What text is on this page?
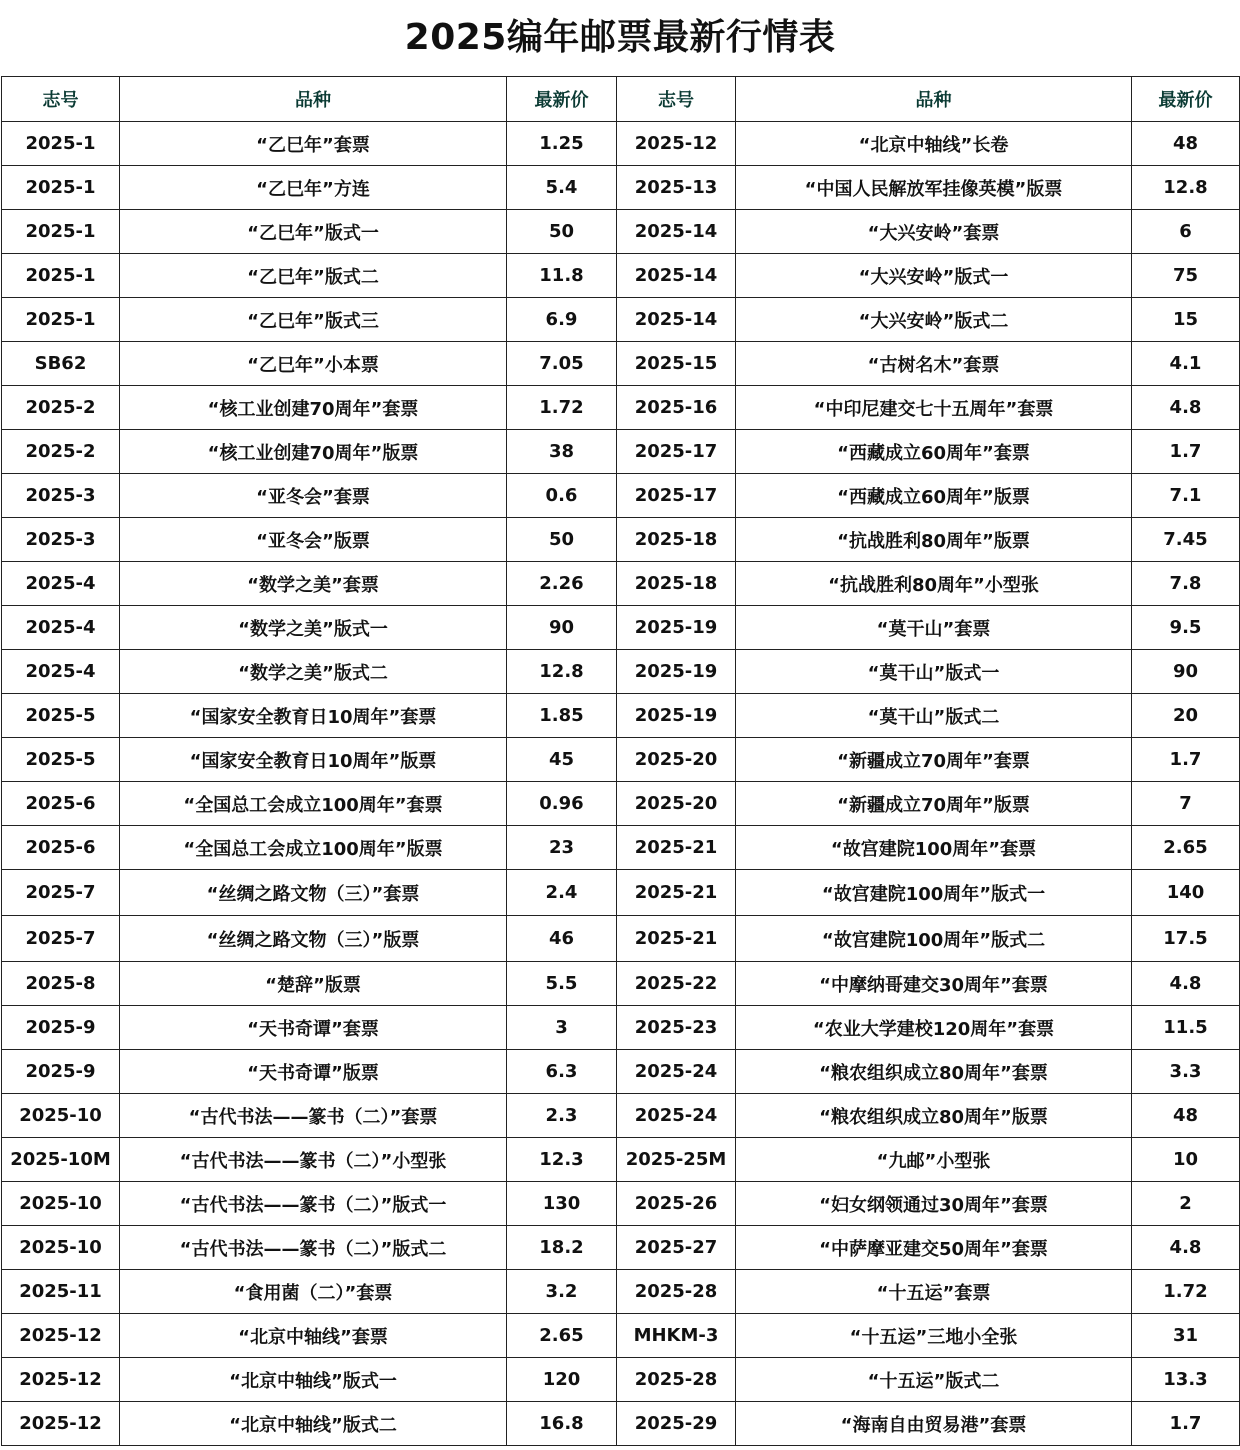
2025编年邮票最新行情表
志号	品种	最新价	志号	品种	最新价
2025-1	“乙巳年”套票	1.25	2025-12	“北京中轴线”长卷	48
2025-1	“乙巳年”方连	5.4	2025-13	“中国人民解放军挂像英模”版票	12.8
2025-1	“乙巳年”版式一	50	2025-14	“大兴安岭”套票	6
2025-1	“乙巳年”版式二	11.8	2025-14	“大兴安岭”版式一	75
2025-1	“乙巳年”版式三	6.9	2025-14	“大兴安岭”版式二	15
SB62	“乙巳年”小本票	7.05	2025-15	“古树名木”套票	4.1
2025-2	“核工业创建70周年”套票	1.72	2025-16	“中印尼建交七十五周年”套票	4.8
2025-2	“核工业创建70周年”版票	38	2025-17	“西藏成立60周年”套票	1.7
2025-3	“亚冬会”套票	0.6	2025-17	“西藏成立60周年”版票	7.1
2025-3	“亚冬会”版票	50	2025-18	“抗战胜利80周年”版票	7.45
2025-4	“数学之美”套票	2.26	2025-18	“抗战胜利80周年”小型张	7.8
2025-4	“数学之美”版式一	90	2025-19	“莫干山”套票	9.5
2025-4	“数学之美”版式二	12.8	2025-19	“莫干山”版式一	90
2025-5	“国家安全教育日10周年”套票	1.85	2025-19	“莫干山”版式二	20
2025-5	“国家安全教育日10周年”版票	45	2025-20	“新疆成立70周年”套票	1.7
2025-6	“全国总工会成立100周年”套票	0.96	2025-20	“新疆成立70周年”版票	7
2025-6	“全国总工会成立100周年”版票	23	2025-21	“故宫建院100周年”套票	2.65
2025-7	“丝绸之路文物（三）”套票	2.4	2025-21	“故宫建院100周年”版式一	140
2025-7	“丝绸之路文物（三）”版票	46	2025-21	“故宫建院100周年”版式二	17.5
2025-8	“楚辞”版票	5.5	2025-22	“中摩纳哥建交30周年”套票	4.8
2025-9	“天书奇谭”套票	3	2025-23	“农业大学建校120周年”套票	11.5
2025-9	“天书奇谭”版票	6.3	2025-24	“粮农组织成立80周年”套票	3.3
2025-10	“古代书法——篆书（二）”套票	2.3	2025-24	“粮农组织成立80周年”版票	48
2025-10M	“古代书法——篆书（二）”小型张	12.3	2025-25M	“九邮”小型张	10
2025-10	“古代书法——篆书（二）”版式一	130	2025-26	“妇女纲领通过30周年”套票	2
2025-10	“古代书法——篆书（二）”版式二	18.2	2025-27	“中萨摩亚建交50周年”套票	4.8
2025-11	“食用菌（二）”套票	3.2	2025-28	“十五运”套票	1.72
2025-12	“北京中轴线”套票	2.65	MHKM-3	“十五运”三地小全张	31
2025-12	“北京中轴线”版式一	120	2025-28	“十五运”版式二	13.3
2025-12	“北京中轴线”版式二	16.8	2025-29	“海南自由贸易港”套票	1.7
